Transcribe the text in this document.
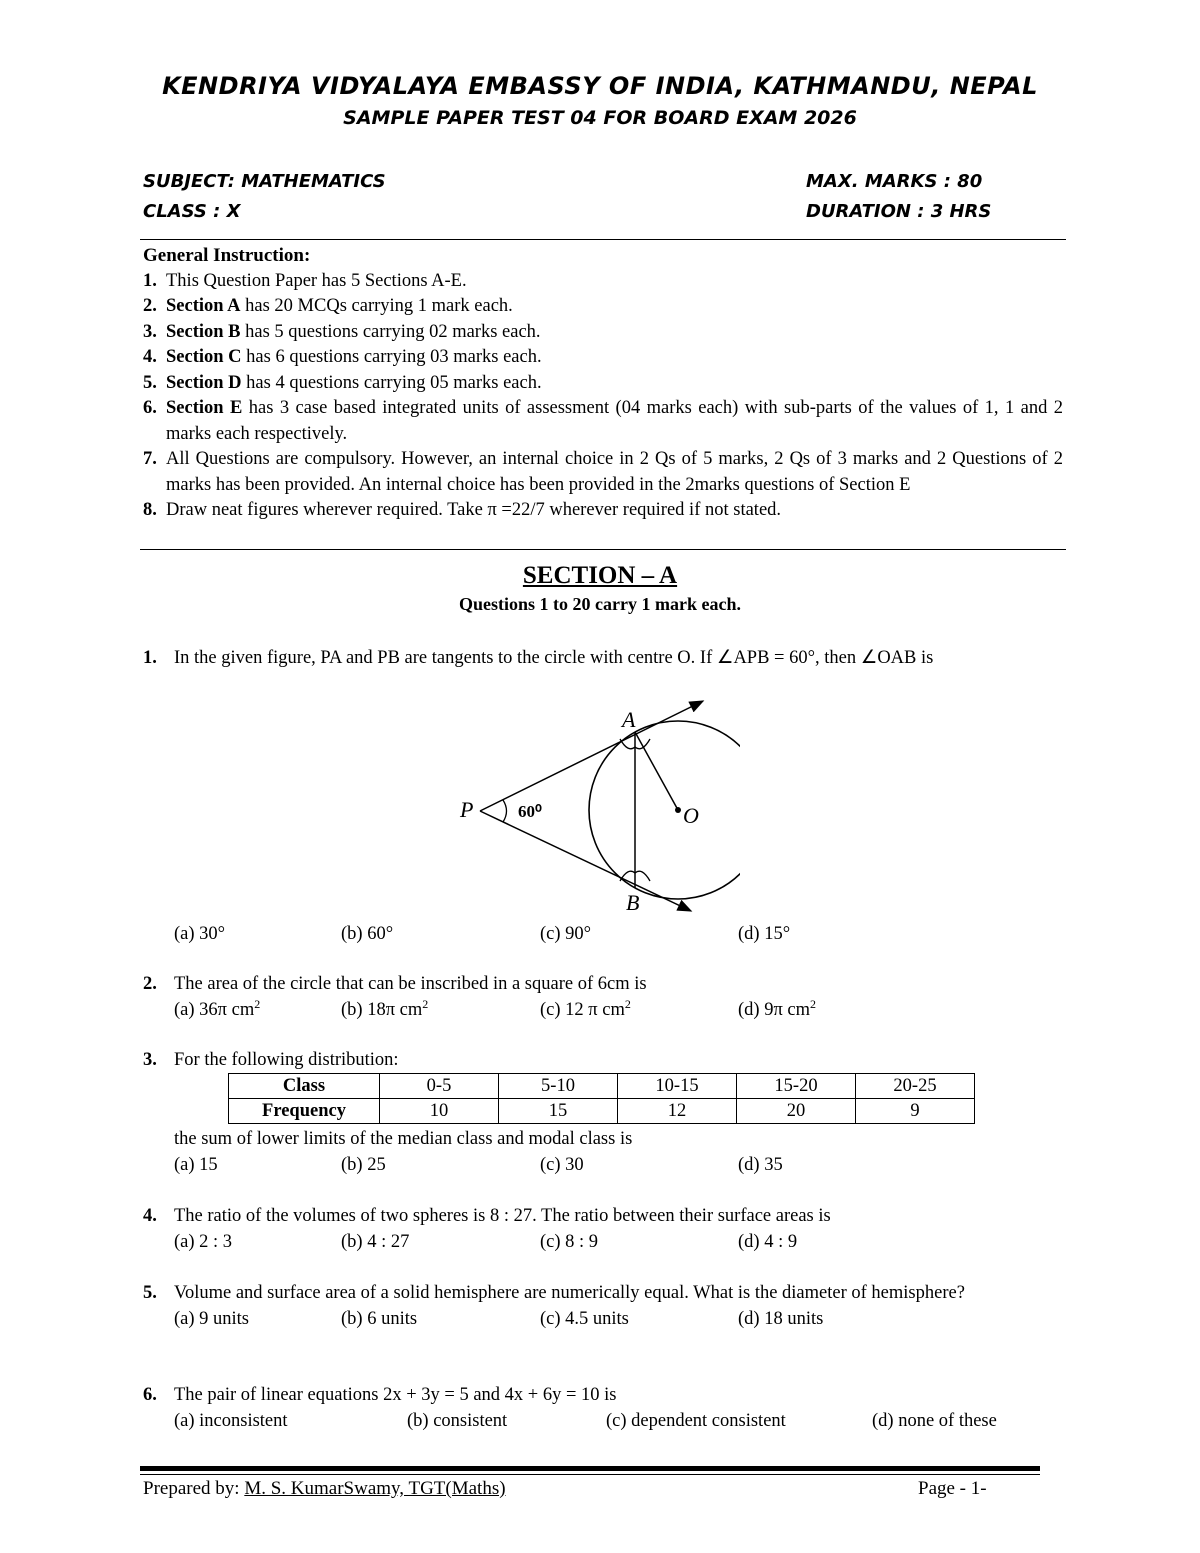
KENDRIYA VIDYALAYA EMBASSY OF INDIA, KATHMANDU, NEPAL
SAMPLE PAPER TEST 04 FOR BOARD EXAM 2026
SUBJECT: MATHEMATICS	MAX. MARKS : 80
CLASS : X	DURATION : 3 HRS
General Instruction:
1. This Question Paper has 5 Sections A-E.
2. Section A has 20 MCQs carrying 1 mark each.
3. Section B has 5 questions carrying 02 marks each.
4. Section C has 6 questions carrying 03 marks each.
5. Section D has 4 questions carrying 05 marks each.
6. Section E has 3 case based integrated units of assessment (04 marks each) with sub-parts of the values of 1, 1 and 2 marks each respectively.
7. All Questions are compulsory. However, an internal choice in 2 Qs of 5 marks, 2 Qs of 3 marks and 2 Questions of 2 marks has been provided. An internal choice has been provided in the 2marks questions of Section E
8. Draw neat figures wherever required. Take π =22/7 wherever required if not stated.
SECTION – A
Questions 1 to 20 carry 1 mark each.
1. In the given figure, PA and PB are tangents to the circle with centre O. If ∠APB = 60°, then ∠OAB is
A
B
P	O
60⁰
(a) 30°	(b) 60°	(c) 90°	(d) 15°
2. The area of the circle that can be inscribed in a square of 6cm is
(a) 36π $cm^2$	(b) 18π $cm^2$	(c) 12 π $cm^2$	(d) 9π $cm^2$
3. For the following distribution:
Class	0-5	5-10	10-15	15-20	20-25
Frequency	10	15	12	20	9
the sum of lower limits of the median class and modal class is
(a) 15	(b) 25	(c) 30	(d) 35
4. The ratio of the volumes of two spheres is 8 : 27. The ratio between their surface areas is
(a) 2 : 3	(b) 4 : 27	(c) 8 : 9	(d) 4 : 9
5. Volume and surface area of a solid hemisphere are numerically equal. What is the diameter of hemisphere?
(a) 9 units	(b) 6 units	(c) 4.5 units	(d) 18 units
6. The pair of linear equations 2x + 3y = 5 and 4x + 6y = 10 is
(a) inconsistent	(b) consistent	(c) dependent consistent	(d) none of these
Prepared by: M. S. KumarSwamy, TGT(Maths)	Page - 1-
